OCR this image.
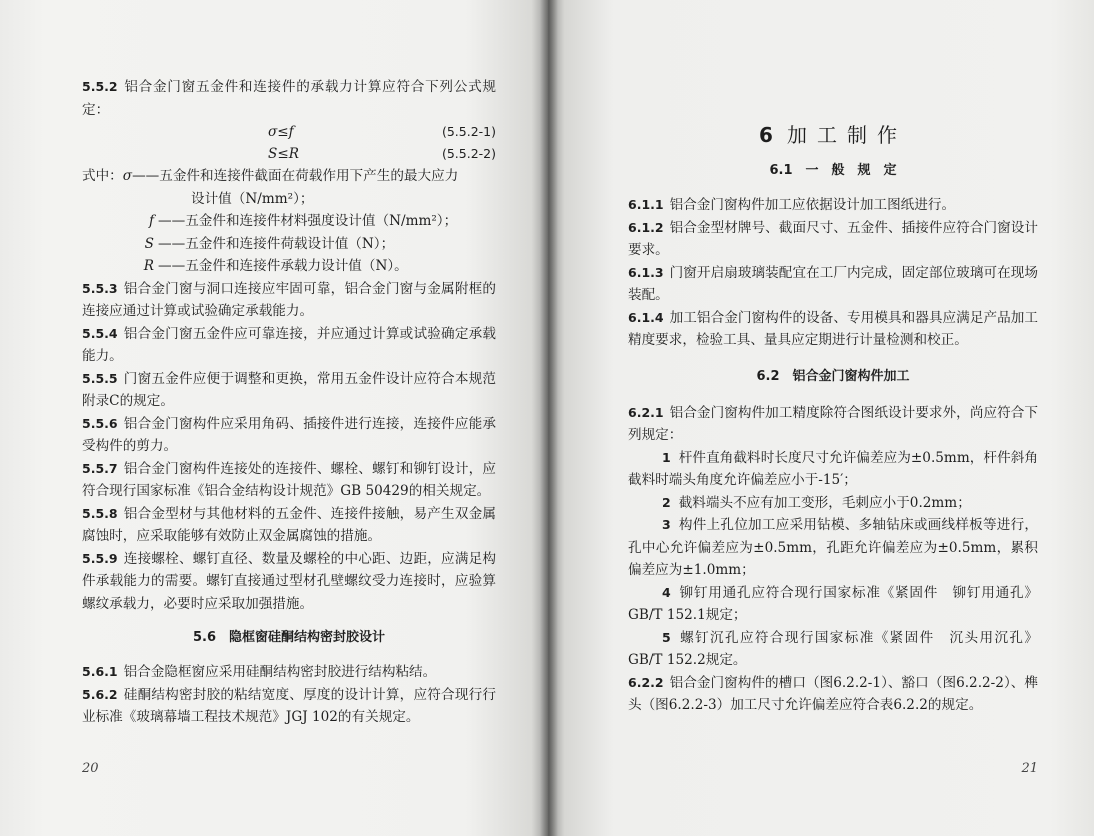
5.5.2 铝合金门窗五金件和连接件的承载力计算应符合下列公式规定：

σ≤f	(5.5.2-1)
S≤R	(5.5.2-2)
式中：σ——五金件和连接件截面在荷载作用下产生的最大应力
设计值（N/mm²）；
f ——五金件和连接件材料强度设计值（N/mm²）；
S ——五金件和连接件荷载设计值（N）；
R ——五金件和连接件承载力设计值（N）。

5.5.3 铝合金门窗与洞口连接应牢固可靠，铝合金门窗与金属附框的连接应通过计算或试验确定承载能力。

5.5.4 铝合金门窗五金件应可靠连接，并应通过计算或试验确定承载能力。

5.5.5 门窗五金件应便于调整和更换，常用五金件设计应符合本规范附录C的规定。

5.5.6 铝合金门窗构件应采用角码、插接件进行连接，连接件应能承受构件的剪力。

5.5.7 铝合金门窗构件连接处的连接件、螺栓、螺钉和铆钉设计，应符合现行国家标准《铝合金结构设计规范》GB 50429的相关规定。

5.5.8 铝合金型材与其他材料的五金件、连接件接触，易产生双金属腐蚀时，应采取能够有效防止双金属腐蚀的措施。

5.5.9 连接螺栓、螺钉直径、数量及螺栓的中心距、边距，应满足构件承载能力的需要。螺钉直接通过型材孔壁螺纹受力连接时，应验算螺纹承载力，必要时应采取加强措施。

5.6　隐框窗硅酮结构密封胶设计

5.6.1 铝合金隐框窗应采用硅酮结构密封胶进行结构粘结。

5.6.2 硅酮结构密封胶的粘结宽度、厚度的设计计算，应符合现行行业标准《玻璃幕墙工程技术规范》JGJ 102的有关规定。

20
6 加工制作
6.1　一　般　规　定

6.1.1 铝合金门窗构件加工应依据设计加工图纸进行。

6.1.2 铝合金型材牌号、截面尺寸、五金件、插接件应符合门窗设计要求。

6.1.3 门窗开启扇玻璃装配宜在工厂内完成，固定部位玻璃可在现场装配。

6.1.4 加工铝合金门窗构件的设备、专用模具和器具应满足产品加工精度要求，检验工具、量具应定期进行计量检测和校正。

6.2　铝合金门窗构件加工

6.2.1 铝合金门窗构件加工精度除符合图纸设计要求外，尚应符合下列规定：

1 杆件直角截料时长度尺寸允许偏差应为±0.5mm，杆件斜角截料时端头角度允许偏差应小于-15′；

2 截料端头不应有加工变形，毛刺应小于0.2mm；

3 构件上孔位加工应采用钻模、多轴钻床或画线样板等进行，孔中心允许偏差应为±0.5mm，孔距允许偏差应为±0.5mm，累积偏差应为±1.0mm；

4 铆钉用通孔应符合现行国家标准《紧固件　铆钉用通孔》GB/T 152.1规定；

5 螺钉沉孔应符合现行国家标准《紧固件　沉头用沉孔》GB/T 152.2规定。

6.2.2 铝合金门窗构件的槽口（图6.2.2-1）、豁口（图6.2.2-2）、榫头（图6.2.2-3）加工尺寸允许偏差应符合表6.2.2的规定。

21
